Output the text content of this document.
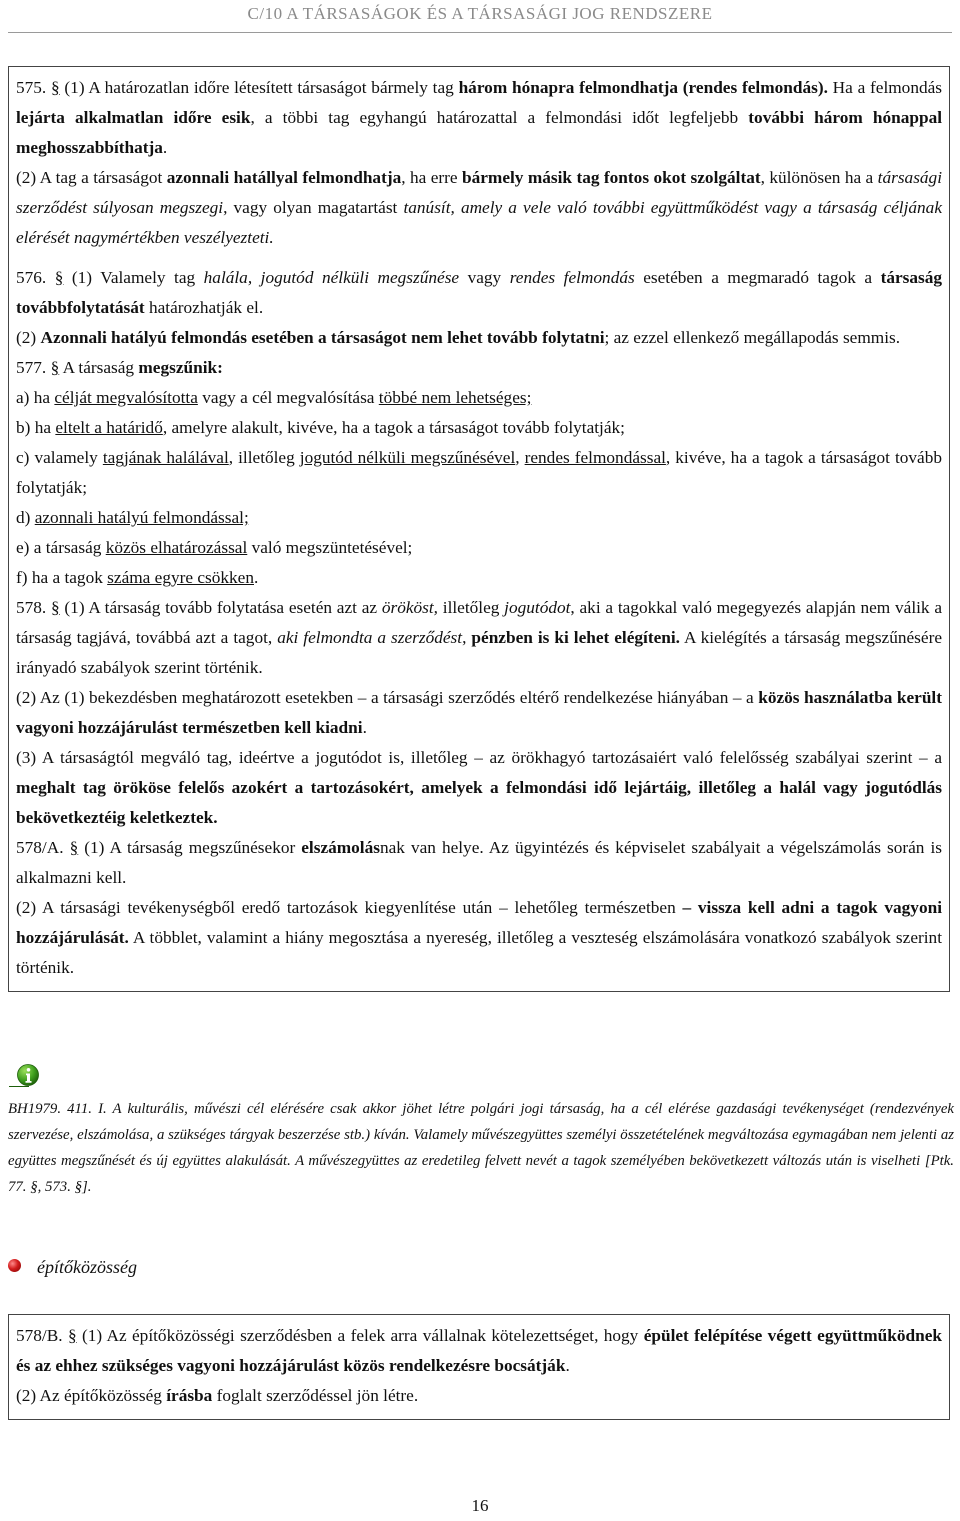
C/10 A TÁRSASÁGOK ÉS A TÁRSASÁGI JOG RENDSZERE

575. § (1) A határozatlan időre létesített társaságot bármely tag három hónapra felmondhatja (rendes felmondás). Ha a felmondás lejárta alkalmatlan időre esik, a többi tag egyhangú határozattal a felmondási időt legfeljebb további három hónappal meghosszabbíthatja.

(2) A tag a társaságot azonnali hatállyal felmondhatja, ha erre bármely másik tag fontos okot szolgáltat, különösen ha a társasági szerződést súlyosan megszegi, vagy olyan magatartást tanúsít, amely a vele való további együttműködést vagy a társaság céljának elérését nagymértékben veszélyezteti.

576. § (1) Valamely tag halála, jogutód nélküli megszűnése vagy rendes felmondás esetében a megmaradó tagok a társaság továbbfolytatását határozhatják el.

(2) Azonnali hatályú felmondás esetében a társaságot nem lehet tovább folytatni; az ezzel ellenkező megállapodás semmis.

577. § A társaság megszűnik:

a) ha célját megvalósította vagy a cél megvalósítása többé nem lehetséges;

b) ha eltelt a határidő, amelyre alakult, kivéve, ha a tagok a társaságot tovább folytatják;

c) valamely tagjának halálával, illetőleg jogutód nélküli megszűnésével, rendes felmondással, kivéve, ha a tagok a társaságot tovább folytatják;

d) azonnali hatályú felmondással;

e) a társaság közös elhatározással való megszüntetésével;

f) ha a tagok száma egyre csökken.

578. § (1) A társaság tovább folytatása esetén azt az örököst, illetőleg jogutódot, aki a tagokkal való megegyezés alapján nem válik a társaság tagjává, továbbá azt a tagot, aki felmondta a szerződést, pénzben is ki lehet elégíteni. A kielégítés a társaság megszűnésére irányadó szabályok szerint történik.

(2) Az (1) bekezdésben meghatározott esetekben – a társasági szerződés eltérő rendelkezése hiányában – a közös használatba került vagyoni hozzájárulást természetben kell kiadni.

(3) A társaságtól megváló tag, ideértve a jogutódot is, illetőleg – az örökhagyó tartozásaiért való felelősség szabályai szerint – a meghalt tag örököse felelős azokért a tartozásokért, amelyek a felmondási idő lejártáig, illetőleg a halál vagy jogutódlás bekövetkeztéig keletkeztek.

578/A. § (1) A társaság megszűnésekor elszámolásnak van helye. Az ügyintézés és képviselet szabályait a végelszámolás során is alkalmazni kell.

(2) A társasági tevékenységből eredő tartozások kiegyenlítése után – lehetőleg természetben – vissza kell adni a tagok vagyoni hozzájárulását. A többlet, valamint a hiány megosztása a nyereség, illetőleg a veszteség elszámolására vonatkozó szabályok szerint történik.

BH1979. 411. I. A kulturális, művészi cél elérésére csak akkor jöhet létre polgári jogi társaság, ha a cél elérése gazdasági tevékenységet (rendezvények szervezése, elszámolása, a szükséges tárgyak beszerzése stb.) kíván. Valamely művészegyüttes személyi összetételének megváltozása egymagában nem jelenti az együttes megszűnését és új együttes alakulását. A művészegyüttes az eredetileg felvett nevét a tagok személyében bekövetkezett változás után is viselheti [Ptk. 77. §, 573. §].
építőközösség

578/B. § (1) Az építőközösségi szerződésben a felek arra vállalnak kötelezettséget, hogy épület felépítése végett együttműködnek és az ehhez szükséges vagyoni hozzájárulást közös rendelkezésre bocsátják.

(2) Az építőközösség írásba foglalt szerződéssel jön létre.

16
